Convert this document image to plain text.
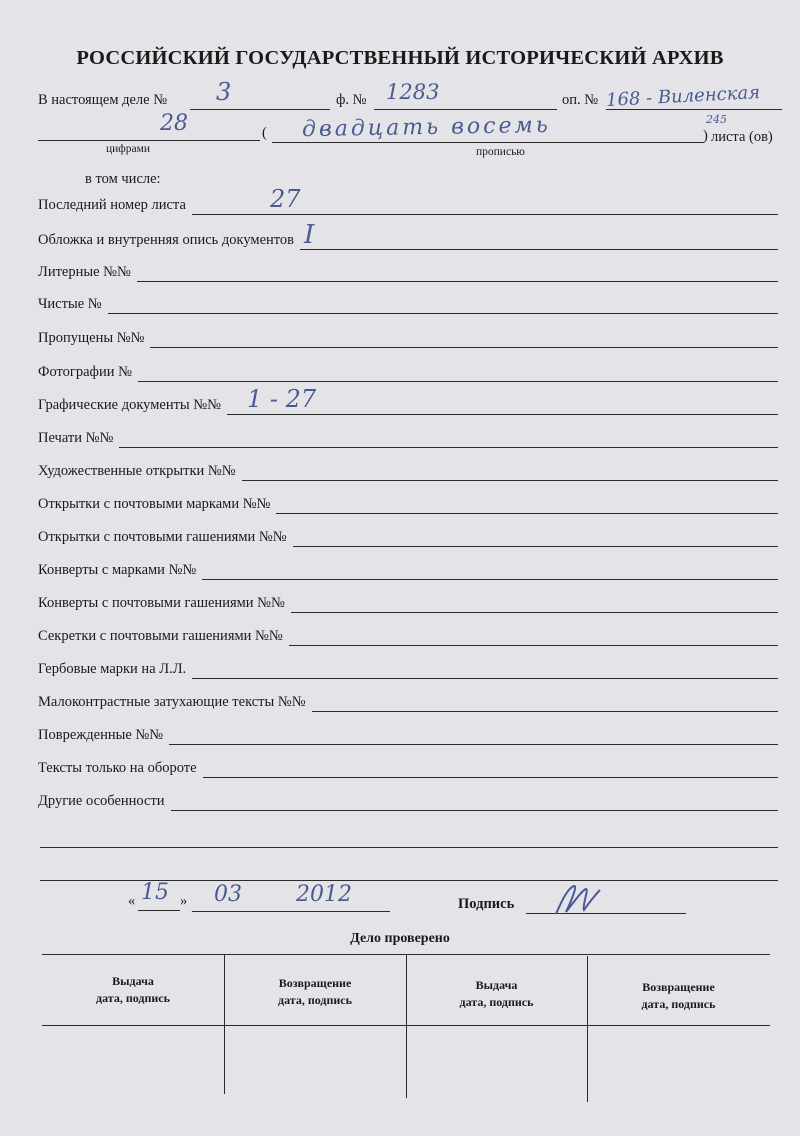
РОССИЙСКИЙ ГОСУДАРСТВЕННЫЙ ИСТОРИЧЕСКИЙ АРХИВ
В настоящем деле № 3	ф. № 1283	оп. № 168 - Виленская
28	( двадцать восемь	)
245
листа (ов)
цифрами	прописью
в том числе:
Последний номер листа	27
Обложка и внутренняя опись документов I
Литерные №№
Чистые №
Пропущены №№
Фотографии №
Графические документы №№ 1 - 27
Печати №№
Художественные открытки №№
Открытки с почтовыми марками №№
Открытки с почтовыми гашениями №№
Конверты с марками №№
Конверты с почтовыми гашениями №№
Секретки с почтовыми гашениями №№
Гербовые марки на Л.Л.
Малоконтрастные затухающие тексты №№
Поврежденные №№
Тексты только на обороте
Другие особенности
« 15 » 03 2012	Подпись
Дело проверено
Выдача
дата, подпись
Возвращение
дата, подпись
Выдача
дата, подпись
Возвращение
дата, подпись
